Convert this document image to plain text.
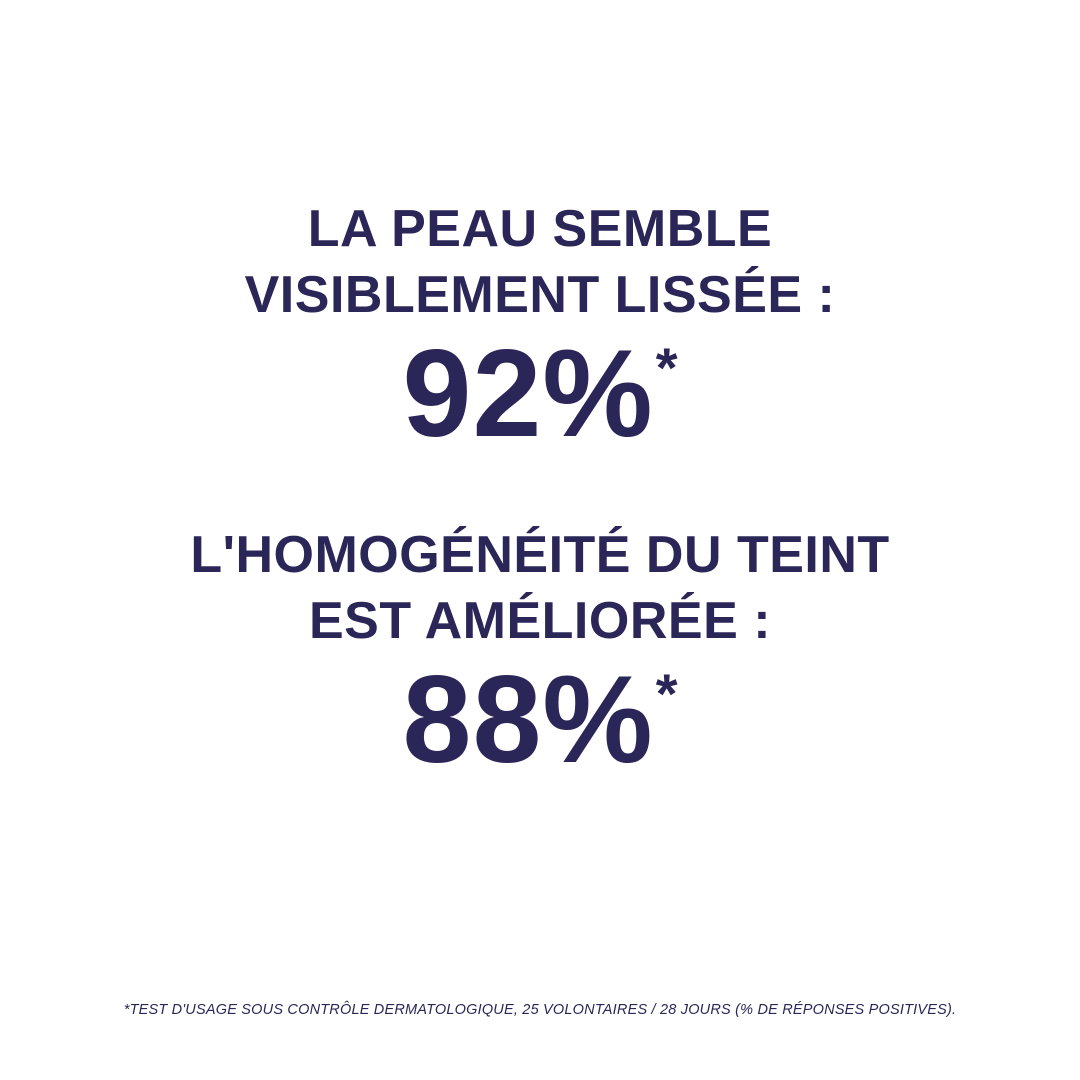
LA PEAU SEMBLE
VISIBLEMENT LISSÉE :
92%*
L'HOMOGÉNÉITÉ DU TEINT
EST AMÉLIORÉE :
88%*
*TEST D'USAGE SOUS CONTRÔLE DERMATOLOGIQUE, 25 VOLONTAIRES / 28 JOURS (% DE RÉPONSES POSITIVES).
